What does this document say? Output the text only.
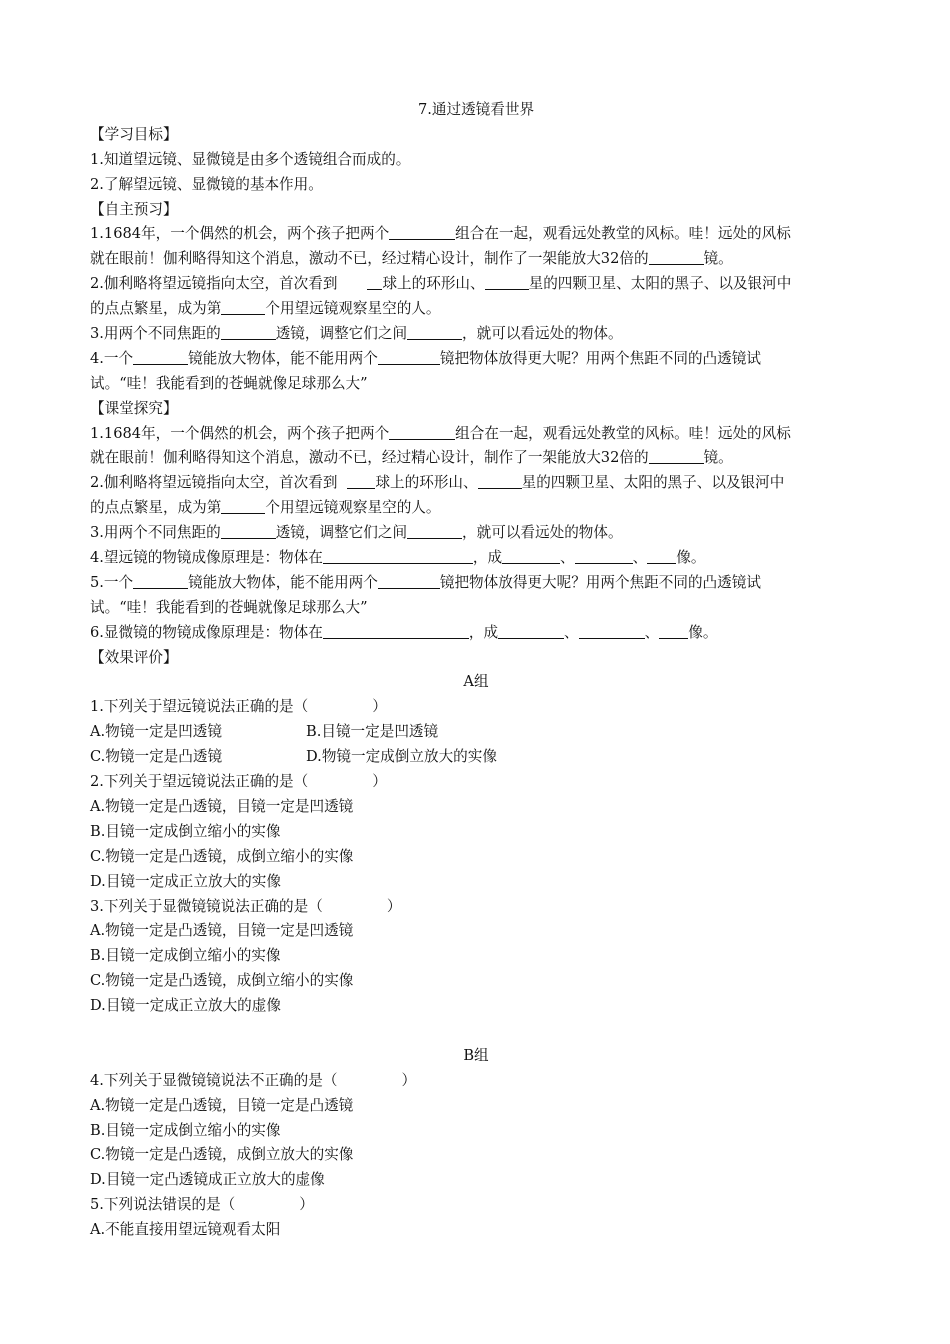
7.通过透镜看世界
【学习目标】
1.知道望远镜、显微镜是由多个透镜组合而成的。
2.了解望远镜、显微镜的基本作用。
【自主预习】
1.1684年，一个偶然的机会，两个孩子把两个	组合在一起，观看远处教堂的风标。哇！远处的风标
就在眼前！伽利略得知这个消息，激动不已，经过精心设计，制作了一架能放大32倍的	镜。
2.伽利略将望远镜指向太空，首次看到	球上的环形山、	星的四颗卫星、太阳的黑子、以及银河中
的点点繁星，成为第	个用望远镜观察星空的人。
3.用两个不同焦距的	透镜，调整它们之间	，就可以看远处的物体。
4.一个	镜能放大物体，能不能用两个	镜把物体放得更大呢？用两个焦距不同的凸透镜试
试。“哇！我能看到的苍蝇就像足球那么大”
【课堂探究】
1.1684年，一个偶然的机会，两个孩子把两个	组合在一起，观看远处教堂的风标。哇！远处的风标
就在眼前！伽利略得知这个消息，激动不已，经过精心设计，制作了一架能放大32倍的	镜。
2.伽利略将望远镜指向太空，首次看到	球上的环形山、	星的四颗卫星、太阳的黑子、以及银河中
的点点繁星，成为第	个用望远镜观察星空的人。
3.用两个不同焦距的	透镜，调整它们之间	，就可以看远处的物体。
4.望远镜的物镜成像原理是：物体在	，成	、	、 像。
5.一个	镜能放大物体，能不能用两个	镜把物体放得更大呢？用两个焦距不同的凸透镜试
试。“哇！我能看到的苍蝇就像足球那么大”
6.显微镜的物镜成像原理是：物体在	，成	、	、 像。
【效果评价】
A组
1.下列关于望远镜说法正确的是（	）
A.物镜一定是凹透镜	B.目镜一定是凹透镜
C.物镜一定是凸透镜	D.物镜一定成倒立放大的实像
2.下列关于望远镜说法正确的是（	）
A.物镜一定是凸透镜，目镜一定是凹透镜
B.目镜一定成倒立缩小的实像
C.物镜一定是凸透镜，成倒立缩小的实像
D.目镜一定成正立放大的实像
3.下列关于显微镜镜说法正确的是（	）
A.物镜一定是凸透镜，目镜一定是凹透镜
B.目镜一定成倒立缩小的实像
C.物镜一定是凸透镜，成倒立缩小的实像
D.目镜一定成正立放大的虚像
B组
4.下列关于显微镜镜说法不正确的是（	）
A.物镜一定是凸透镜，目镜一定是凸透镜
B.目镜一定成倒立缩小的实像
C.物镜一定是凸透镜，成倒立放大的实像
D.目镜一定凸透镜成正立放大的虚像
5.下列说法错误的是（	）
A.不能直接用望远镜观看太阳
